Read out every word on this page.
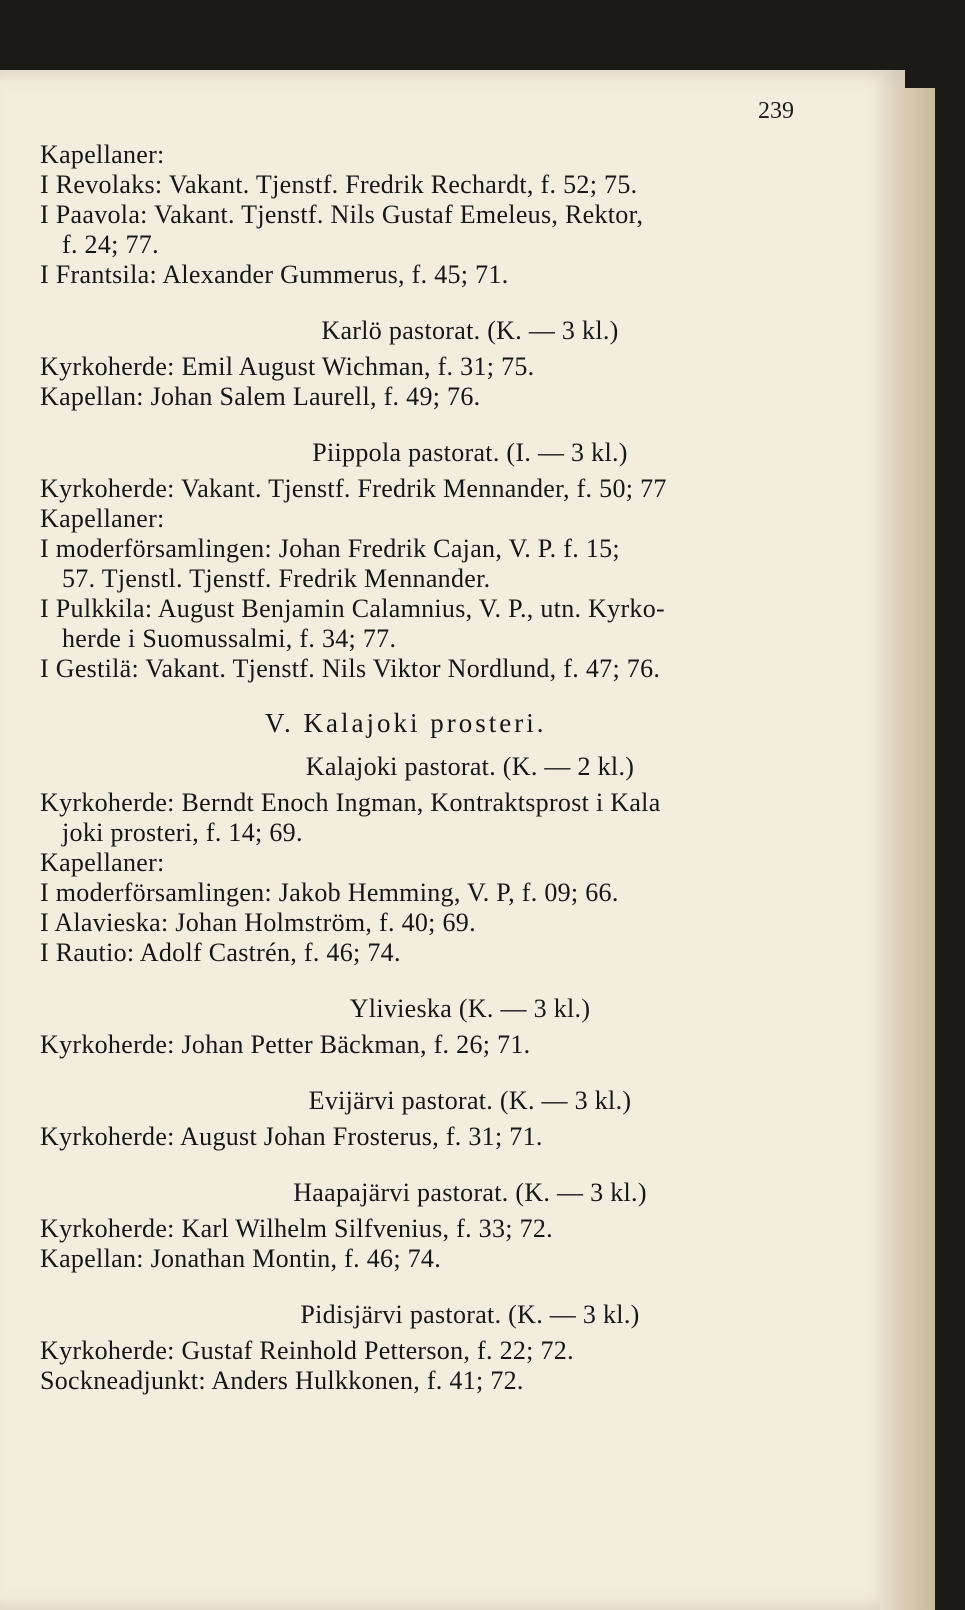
239
Kapellaner:
I Revolaks: Vakant. Tjenstf. Fredrik Rechardt, f. 52; 75.
I Paavola: Vakant. Tjenstf. Nils Gustaf Emeleus, Rektor,
f. 24; 77.
I Frantsila: Alexander Gummerus, f. 45; 71.
Karlö pastorat. (K. — 3 kl.)
Kyrkoherde: Emil August Wichman, f. 31; 75.
Kapellan: Johan Salem Laurell, f. 49; 76.
Piippola pastorat. (I. — 3 kl.)
Kyrkoherde: Vakant. Tjenstf. Fredrik Mennander, f. 50; 77
Kapellaner:
I moderförsamlingen: Johan Fredrik Cajan, V. P. f. 15;
57. Tjenstl. Tjenstf. Fredrik Mennander.
I Pulkkila: August Benjamin Calamnius, V. P., utn. Kyrko-
herde i Suomussalmi, f. 34; 77.
I Gestilä: Vakant. Tjenstf. Nils Viktor Nordlund, f. 47; 76.
V. Kalajoki prosteri.
Kalajoki pastorat. (K. — 2 kl.)
Kyrkoherde: Berndt Enoch Ingman, Kontraktsprost i Kala
joki prosteri, f. 14; 69.
Kapellaner:
I moderförsamlingen: Jakob Hemming, V. P, f. 09; 66.
I Alavieska: Johan Holmström, f. 40; 69.
I Rautio: Adolf Castrén, f. 46; 74.
Ylivieska (K. — 3 kl.)
Kyrkoherde: Johan Petter Bäckman, f. 26; 71.
Evijärvi pastorat. (K. — 3 kl.)
Kyrkoherde: August Johan Frosterus, f. 31; 71.
Haapajärvi pastorat. (K. — 3 kl.)
Kyrkoherde: Karl Wilhelm Silfvenius, f. 33; 72.
Kapellan: Jonathan Montin, f. 46; 74.
Pidisjärvi pastorat. (K. — 3 kl.)
Kyrkoherde: Gustaf Reinhold Petterson, f. 22; 72.
Sockneadjunkt: Anders Hulkkonen, f. 41; 72.
